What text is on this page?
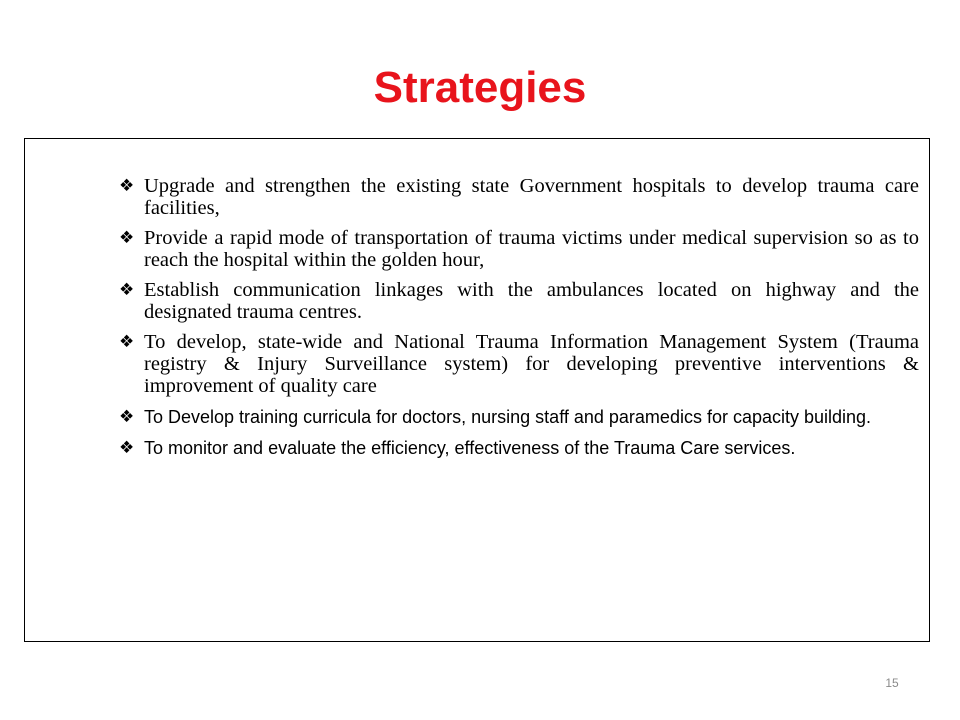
Strategies
❖ Upgrade and strengthen the existing state Government hospitals to develop trauma care facilities,
❖ Provide a rapid mode of transportation of trauma victims under medical supervision so as to reach the hospital within the golden hour,
❖ Establish communication linkages with the ambulances located on highway and the designated trauma centres.
❖ To develop, state-wide and National Trauma Information Management System (Trauma registry & Injury Surveillance system) for developing preventive interventions & improvement of quality care
❖ To Develop training curricula for doctors, nursing staff and paramedics for capacity building.
❖ To monitor and evaluate the efficiency, effectiveness of the Trauma Care services.
15
